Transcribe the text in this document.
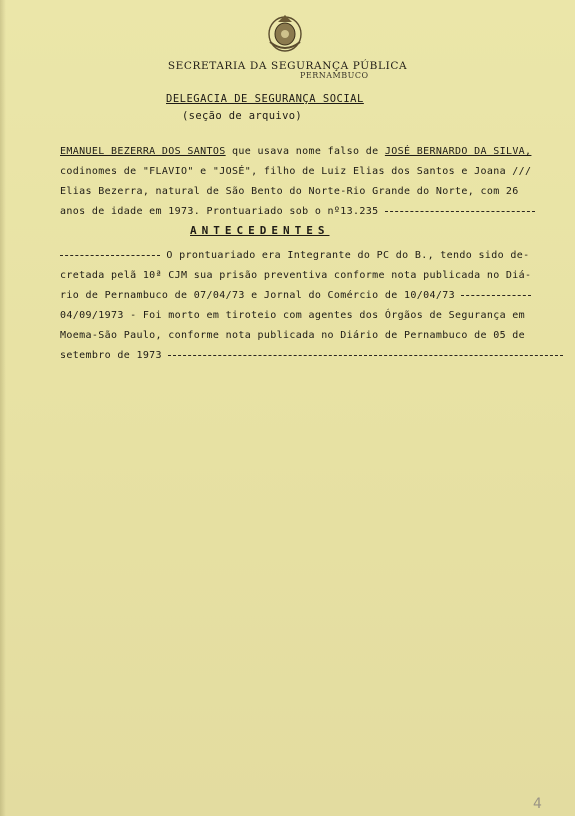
SECRETARIA DA SEGURANÇA PÚBLICA
PERNAMBUCO
DELEGACIA DE SEGURANÇA SOCIAL
(seção de arquivo)
EMANUEL BEZERRA DOS SANTOS que usava nome falso de JOSÉ BERNARDO DA SILVA,
codinomes de "FLAVIO" e "JOSÉ", filho de Luiz Elias dos Santos e Joana ///
Elias Bezerra, natural de São Bento do Norte-Rio Grande do Norte, com 26
anos de idade em 1973. Prontuariado sob o nº13.235
ANTECEDENTES
O prontuariado era Integrante do PC do B., tendo sido de-
cretada pelã 10ª CJM sua prisão preventiva conforme nota publicada no Diá-
rio de Pernambuco de 07/04/73 e Jornal do Comércio de 10/04/73
04/09/1973 - Foi morto em tiroteio com agentes dos Órgãos de Segurança em
Moema-São Paulo, conforme nota publicada no Diário de Pernambuco de 05 de
setembro de 1973
4
